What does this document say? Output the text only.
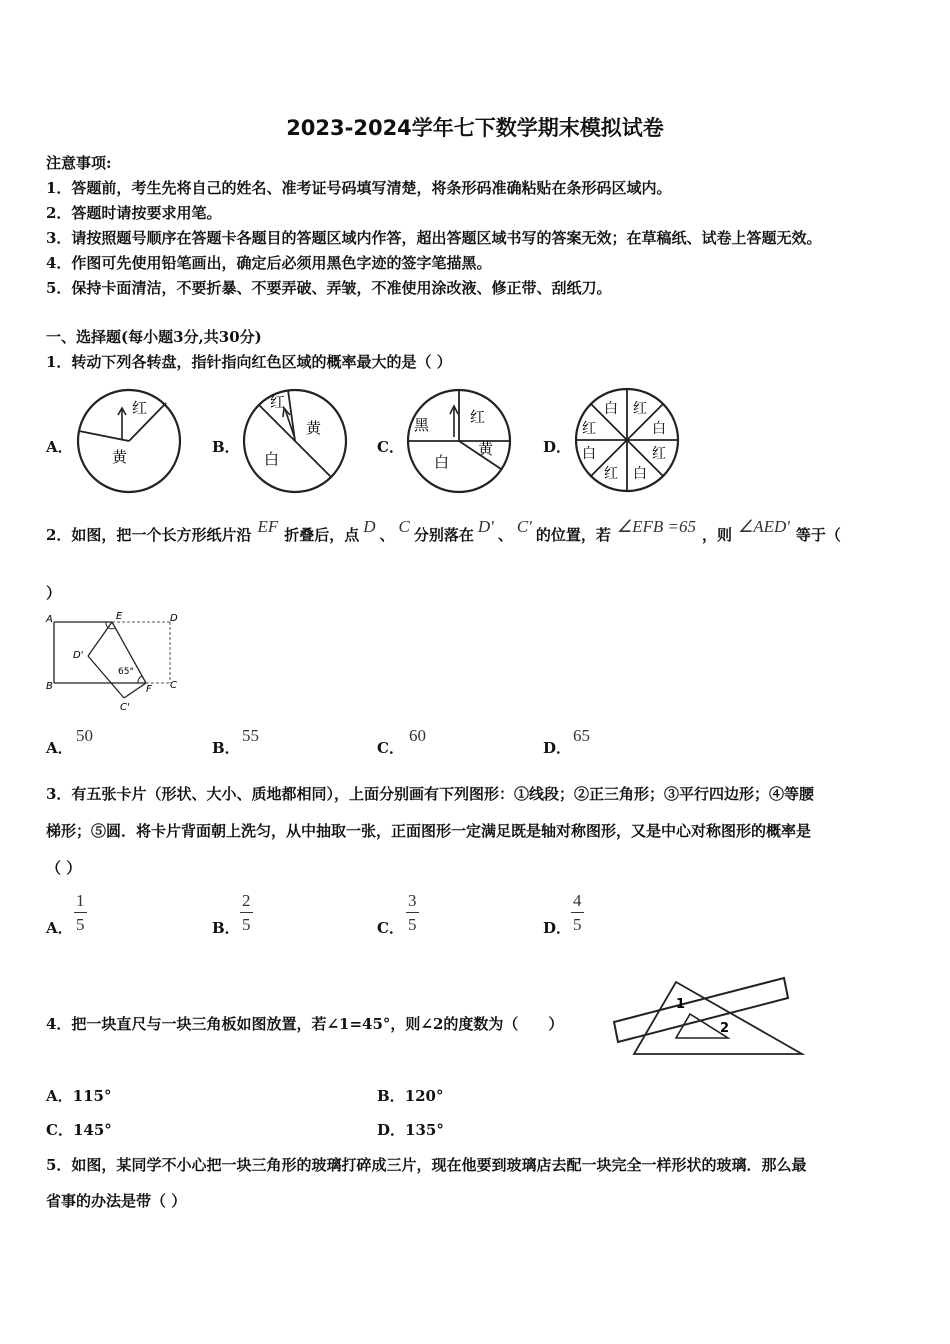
2023-2024学年七下数学期末模拟试卷
注意事项:
1．答题前，考生先将自己的姓名、准考证号码填写清楚，将条形码准确粘贴在条形码区域内。
2．答题时请按要求用笔。
3．请按照题号顺序在答题卡各题目的答题区域内作答，超出答题区域书写的答案无效；在草稿纸、试卷上答题无效。
4．作图可先使用铅笔画出，确定后必须用黑色字迹的签字笔描黑。
5．保持卡面清洁，不要折暴、不要弄破、弄皱，不准使用涂改液、修正带、刮纸刀。
一、选择题(每小题3分,共30分)
1．转动下列各转盘，指针指向红色区域的概率最大的是（ ）
A．	B．	C．	D．
红
黄
红
黄
白
黑	红
黄
白
白 红
白
红
白
红
白
红
2．如图，把一个长方形纸片沿 EF 折叠后，点 D 、 C 分别落在 D' 、 C' 的位置，若 ∠EFB =65 ，则 ∠AED' 等于（
）
A	E	D
D'
B	F C
C'
65°
A．
50
B．
55
C．
60
D．
65
3．有五张卡片（形状、大小、质地都相同），上面分别画有下列图形：①线段；②正三角形；③平行四边形；④等腰
梯形；⑤圆．将卡片背面朝上洗匀，从中抽取一张，正面图形一定满足既是轴对称图形，又是中心对称图形的概率是
（ ）
A． $\frac{1}{5}$	B． $\frac{2}{5}$	C． $\frac{3}{5}$	D． $\frac{4}{5}$
4．把一块直尺与一块三角板如图放置，若∠1=45°，则∠2的度数为（　　）
1
2
A．115°	B．120°
C．145°	D．135°
5．如图，某同学不小心把一块三角形的玻璃打碎成三片，现在他要到玻璃店去配一块完全一样形状的玻璃．那么最
省事的办法是带（ ）
